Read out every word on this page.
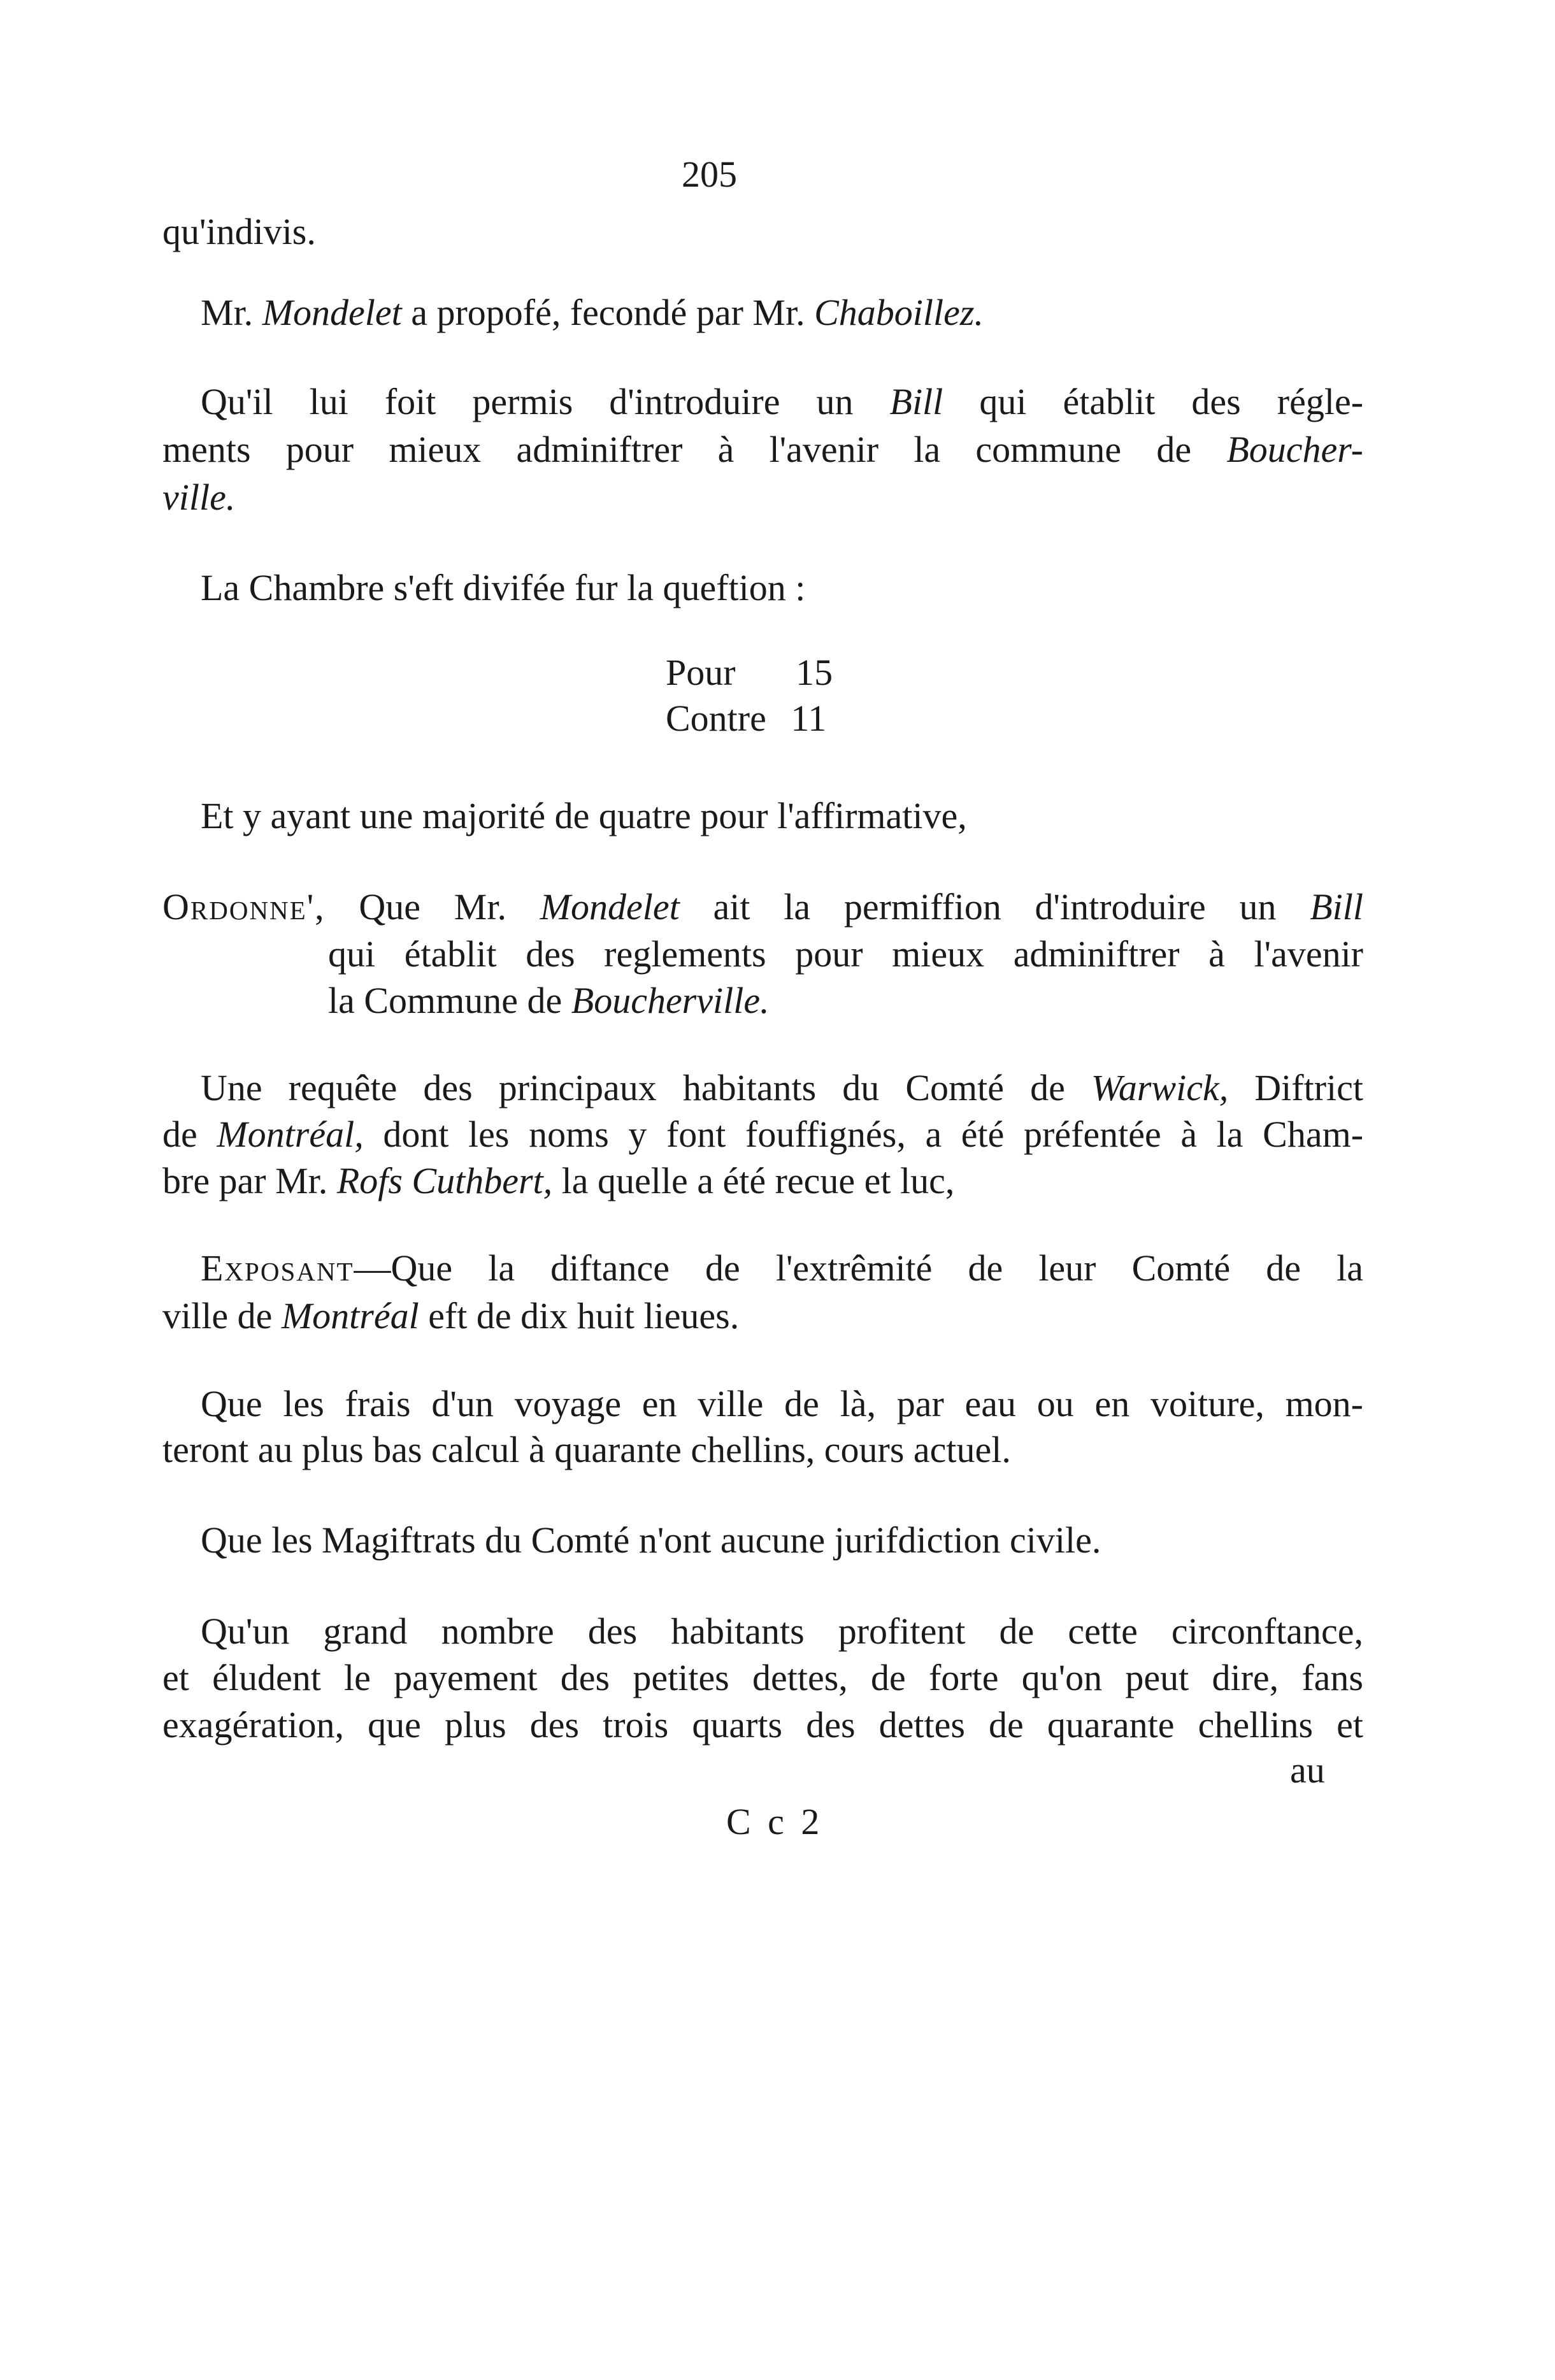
205
qu'indivis.
Mr. Mondelet a propofé, fecondé par Mr. Chaboillez.
Qu'il lui foit permis d'introduire un Bill qui établit des régle-
ments pour mieux adminiftrer à l'avenir la commune de Boucher-
ville.
La Chambre s'eft divifée fur la queftion :
Pour 15
Contre 11
Et y ayant une majorité de quatre pour l'affirmative,
Ordonne', Que Mr. Mondelet ait la permiffion d'introduire un Bill
qui établit des reglements pour mieux adminiftrer à l'avenir
la Commune de Boucherville.
Une requête des principaux habitants du Comté de Warwick, Diftrict
de Montréal, dont les noms y font fouffignés, a été préfentée à la Cham-
bre par Mr. Rofs Cuthbert, la quelle a été recue et luc,
Exposant—Que la diftance de l'extrêmité de leur Comté de la
ville de Montréal eft de dix huit lieues.
Que les frais d'un voyage en ville de là, par eau ou en voiture, mon-
teront au plus bas calcul à quarante chellins, cours actuel.
Que les Magiftrats du Comté n'ont aucune jurifdiction civile.
Qu'un grand nombre des habitants profitent de cette circonftance,
et éludent le payement des petites dettes, de forte qu'on peut dire, fans
exagération, que plus des trois quarts des dettes de quarante chellins et
au
C c 2
